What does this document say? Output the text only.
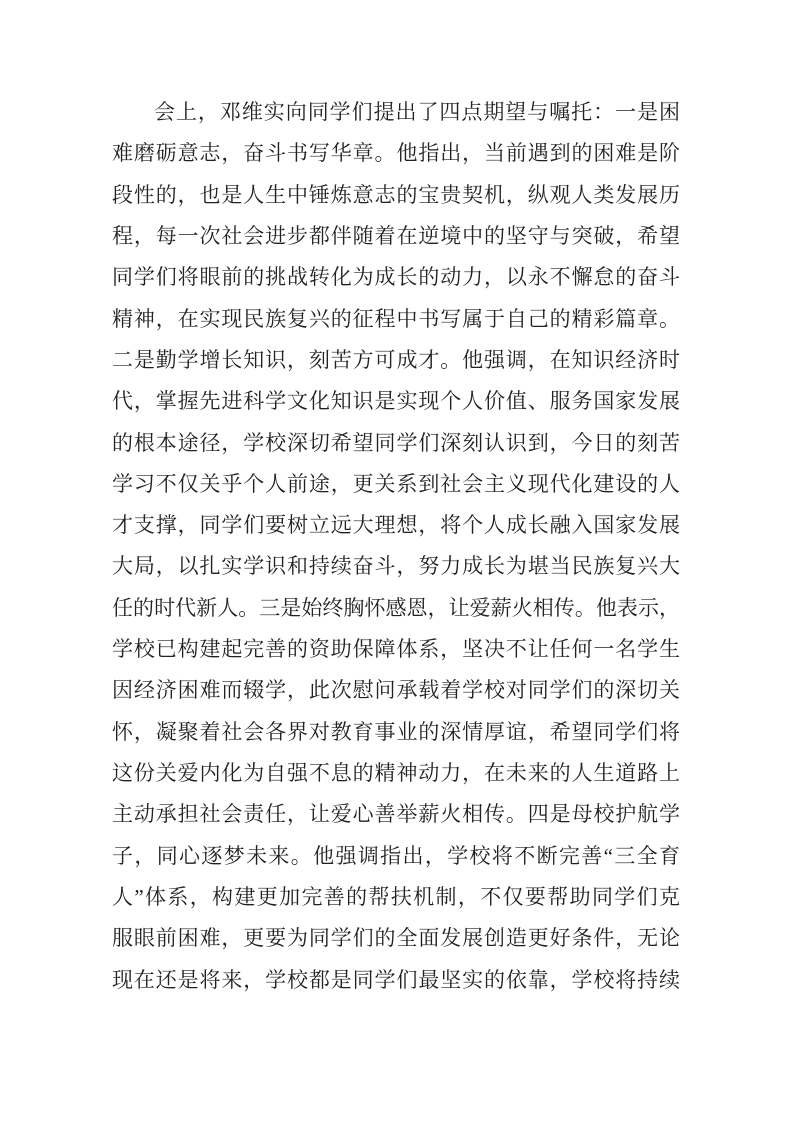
会上，邓维实向同学们提出了四点期望与嘱托：一是困
难磨砺意志，奋斗书写华章。他指出，当前遇到的困难是阶
段性的，也是人生中锤炼意志的宝贵契机，纵观人类发展历
程，每一次社会进步都伴随着在逆境中的坚守与突破，希望
同学们将眼前的挑战转化为成长的动力，以永不懈怠的奋斗
精神，在实现民族复兴的征程中书写属于自己的精彩篇章。
二是勤学增长知识，刻苦方可成才。他强调，在知识经济时
代，掌握先进科学文化知识是实现个人价值、服务国家发展
的根本途径，学校深切希望同学们深刻认识到，今日的刻苦
学习不仅关乎个人前途，更关系到社会主义现代化建设的人
才支撑，同学们要树立远大理想，将个人成长融入国家发展
大局，以扎实学识和持续奋斗，努力成长为堪当民族复兴大
任的时代新人。三是始终胸怀感恩，让爱薪火相传。他表示，
学校已构建起完善的资助保障体系，坚决不让任何一名学生
因经济困难而辍学，此次慰问承载着学校对同学们的深切关
怀，凝聚着社会各界对教育事业的深情厚谊，希望同学们将
这份关爱内化为自强不息的精神动力，在未来的人生道路上
主动承担社会责任，让爱心善举薪火相传。四是母校护航学
子，同心逐梦未来。他强调指出，学校将不断完善“三全育
人”体系，构建更加完善的帮扶机制，不仅要帮助同学们克
服眼前困难，更要为同学们的全面发展创造更好条件，无论
现在还是将来，学校都是同学们最坚实的依靠，学校将持续
